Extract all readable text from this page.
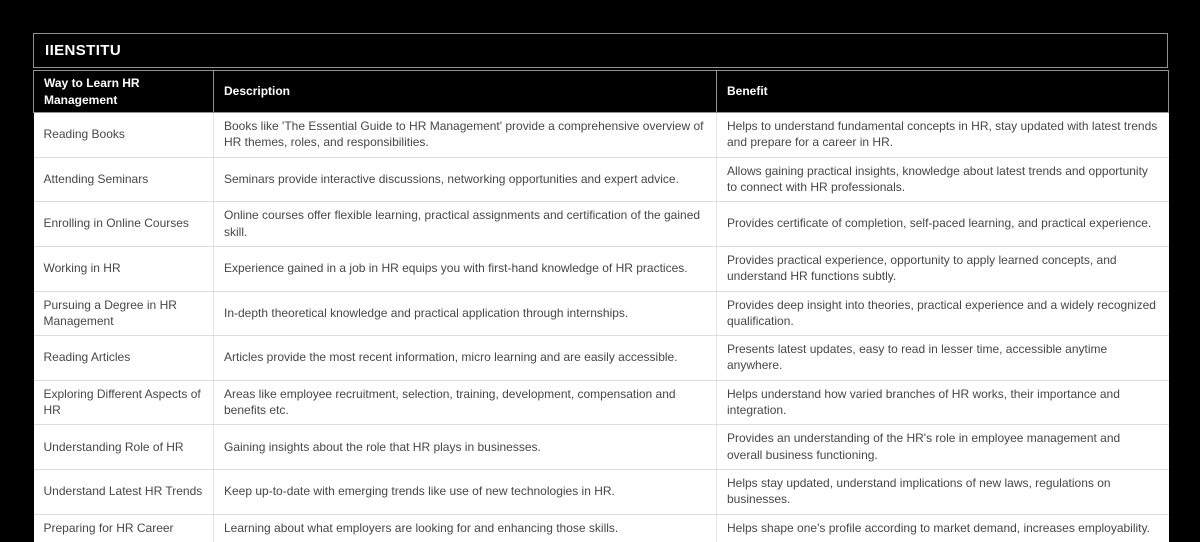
IIENSTITU
Way to Learn HR Management	Description	Benefit
Reading Books	Books like 'The Essential Guide to HR Management' provide a comprehensive overview of HR themes, roles, and responsibilities.	Helps to understand fundamental concepts in HR, stay updated with latest trends and prepare for a career in HR.
Attending Seminars	Seminars provide interactive discussions, networking opportunities and expert advice.	Allows gaining practical insights, knowledge about latest trends and opportunity to connect with HR professionals.
Enrolling in Online Courses	Online courses offer flexible learning, practical assignments and certification of the gained skill.	Provides certificate of completion, self-paced learning, and practical experience.
Working in HR	Experience gained in a job in HR equips you with first-hand knowledge of HR practices.	Provides practical experience, opportunity to apply learned concepts, and understand HR functions subtly.
Pursuing a Degree in HR Management	In-depth theoretical knowledge and practical application through internships.	Provides deep insight into theories, practical experience and a widely recognized qualification.
Reading Articles	Articles provide the most recent information, micro learning and are easily accessible.	Presents latest updates, easy to read in lesser time, accessible anytime anywhere.
Exploring Different Aspects of HR	Areas like employee recruitment, selection, training, development, compensation and benefits etc.	Helps understand how varied branches of HR works, their importance and integration.
Understanding Role of HR	Gaining insights about the role that HR plays in businesses.	Provides an understanding of the HR's role in employee management and overall business functioning.
Understand Latest HR Trends	Keep up-to-date with emerging trends like use of new technologies in HR.	Helps stay updated, understand implications of new laws, regulations on businesses.
Preparing for HR Career	Learning about what employers are looking for and enhancing those skills.	Helps shape one's profile according to market demand, increases employability.
